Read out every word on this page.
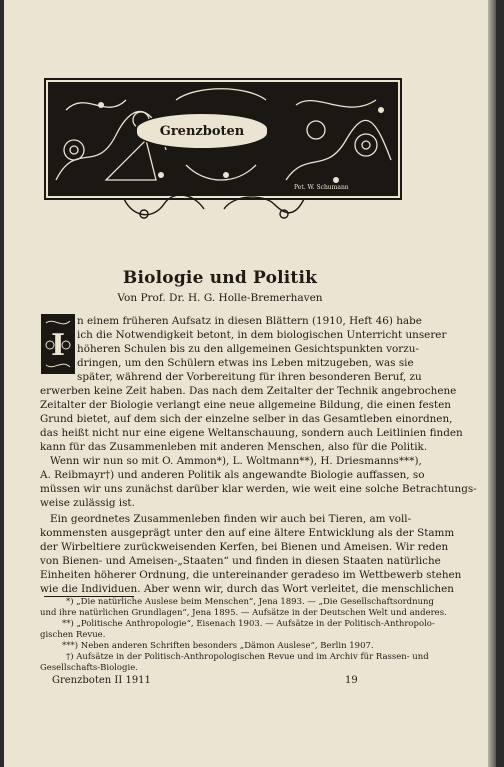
Grenzboten
17	Pet. W. Schumann
Biologie und Politik
Von Prof. Dr. H. G. Holle-Bremerhaven
I
n einem früheren Aufsatz in diesen Blättern (1910, Heft 46) habe
ich die Notwendigkeit betont, in dem biologischen Unterricht unserer
höheren Schulen bis zu den allgemeinen Gesichtspunkten vorzu-
dringen, um den Schülern etwas ins Leben mitzugeben, was sie
später, während der Vorbereitung für ihren besonderen Beruf, zu
erwerben keine Zeit haben. Das nach dem Zeitalter der Technik angebrochene
Zeitalter der Biologie verlangt eine neue allgemeine Bildung, die einen festen
Grund bietet, auf dem sich der einzelne selber in das Gesamtleben einordnen,
das heißt nicht nur eine eigene Weltanschauung, sondern auch Leitlinien finden
kann für das Zusammenleben mit anderen Menschen, also für die Politik.
Wenn wir nun so mit O. Ammon*), L. Woltmann**), H. Driesmanns***),
A. Reibmayr†) und anderen Politik als angewandte Biologie auffassen, so
müssen wir uns zunächst darüber klar werden, wie weit eine solche Betrachtungs-
weise zulässig ist.
Ein geordnetes Zusammenleben finden wir auch bei Tieren, am voll-
kommensten ausgeprägt unter den auf eine ältere Entwicklung als der Stamm
der Wirbeltiere zurückweisenden Kerfen, bei Bienen und Ameisen. Wir reden
von Bienen- und Ameisen-„Staaten“ und finden in diesen Staaten natürliche
Einheiten höherer Ordnung, die untereinander geradeso im Wettbewerb stehen
wie die Individuen. Aber wenn wir, durch das Wort verleitet, die menschlichen
*) „Die natürliche Auslese beim Menschen“, Jena 1893. — „Die Gesellschaftsordnung
und ihre natürlichen Grundlagen“, Jena 1895. — Aufsätze in der Deutschen Welt und anderes.
**) „Politische Anthropologie“, Eisenach 1903. — Aufsätze in der Politisch-Anthropolo-
gischen Revue.
***) Neben anderen Schriften besonders „Dämon Auslese“, Berlin 1907.
†) Aufsätze in der Politisch-Anthropologischen Revue und im Archiv für Rassen- und
Gesellschafts-Biologie.
Grenzboten II 1911	19
